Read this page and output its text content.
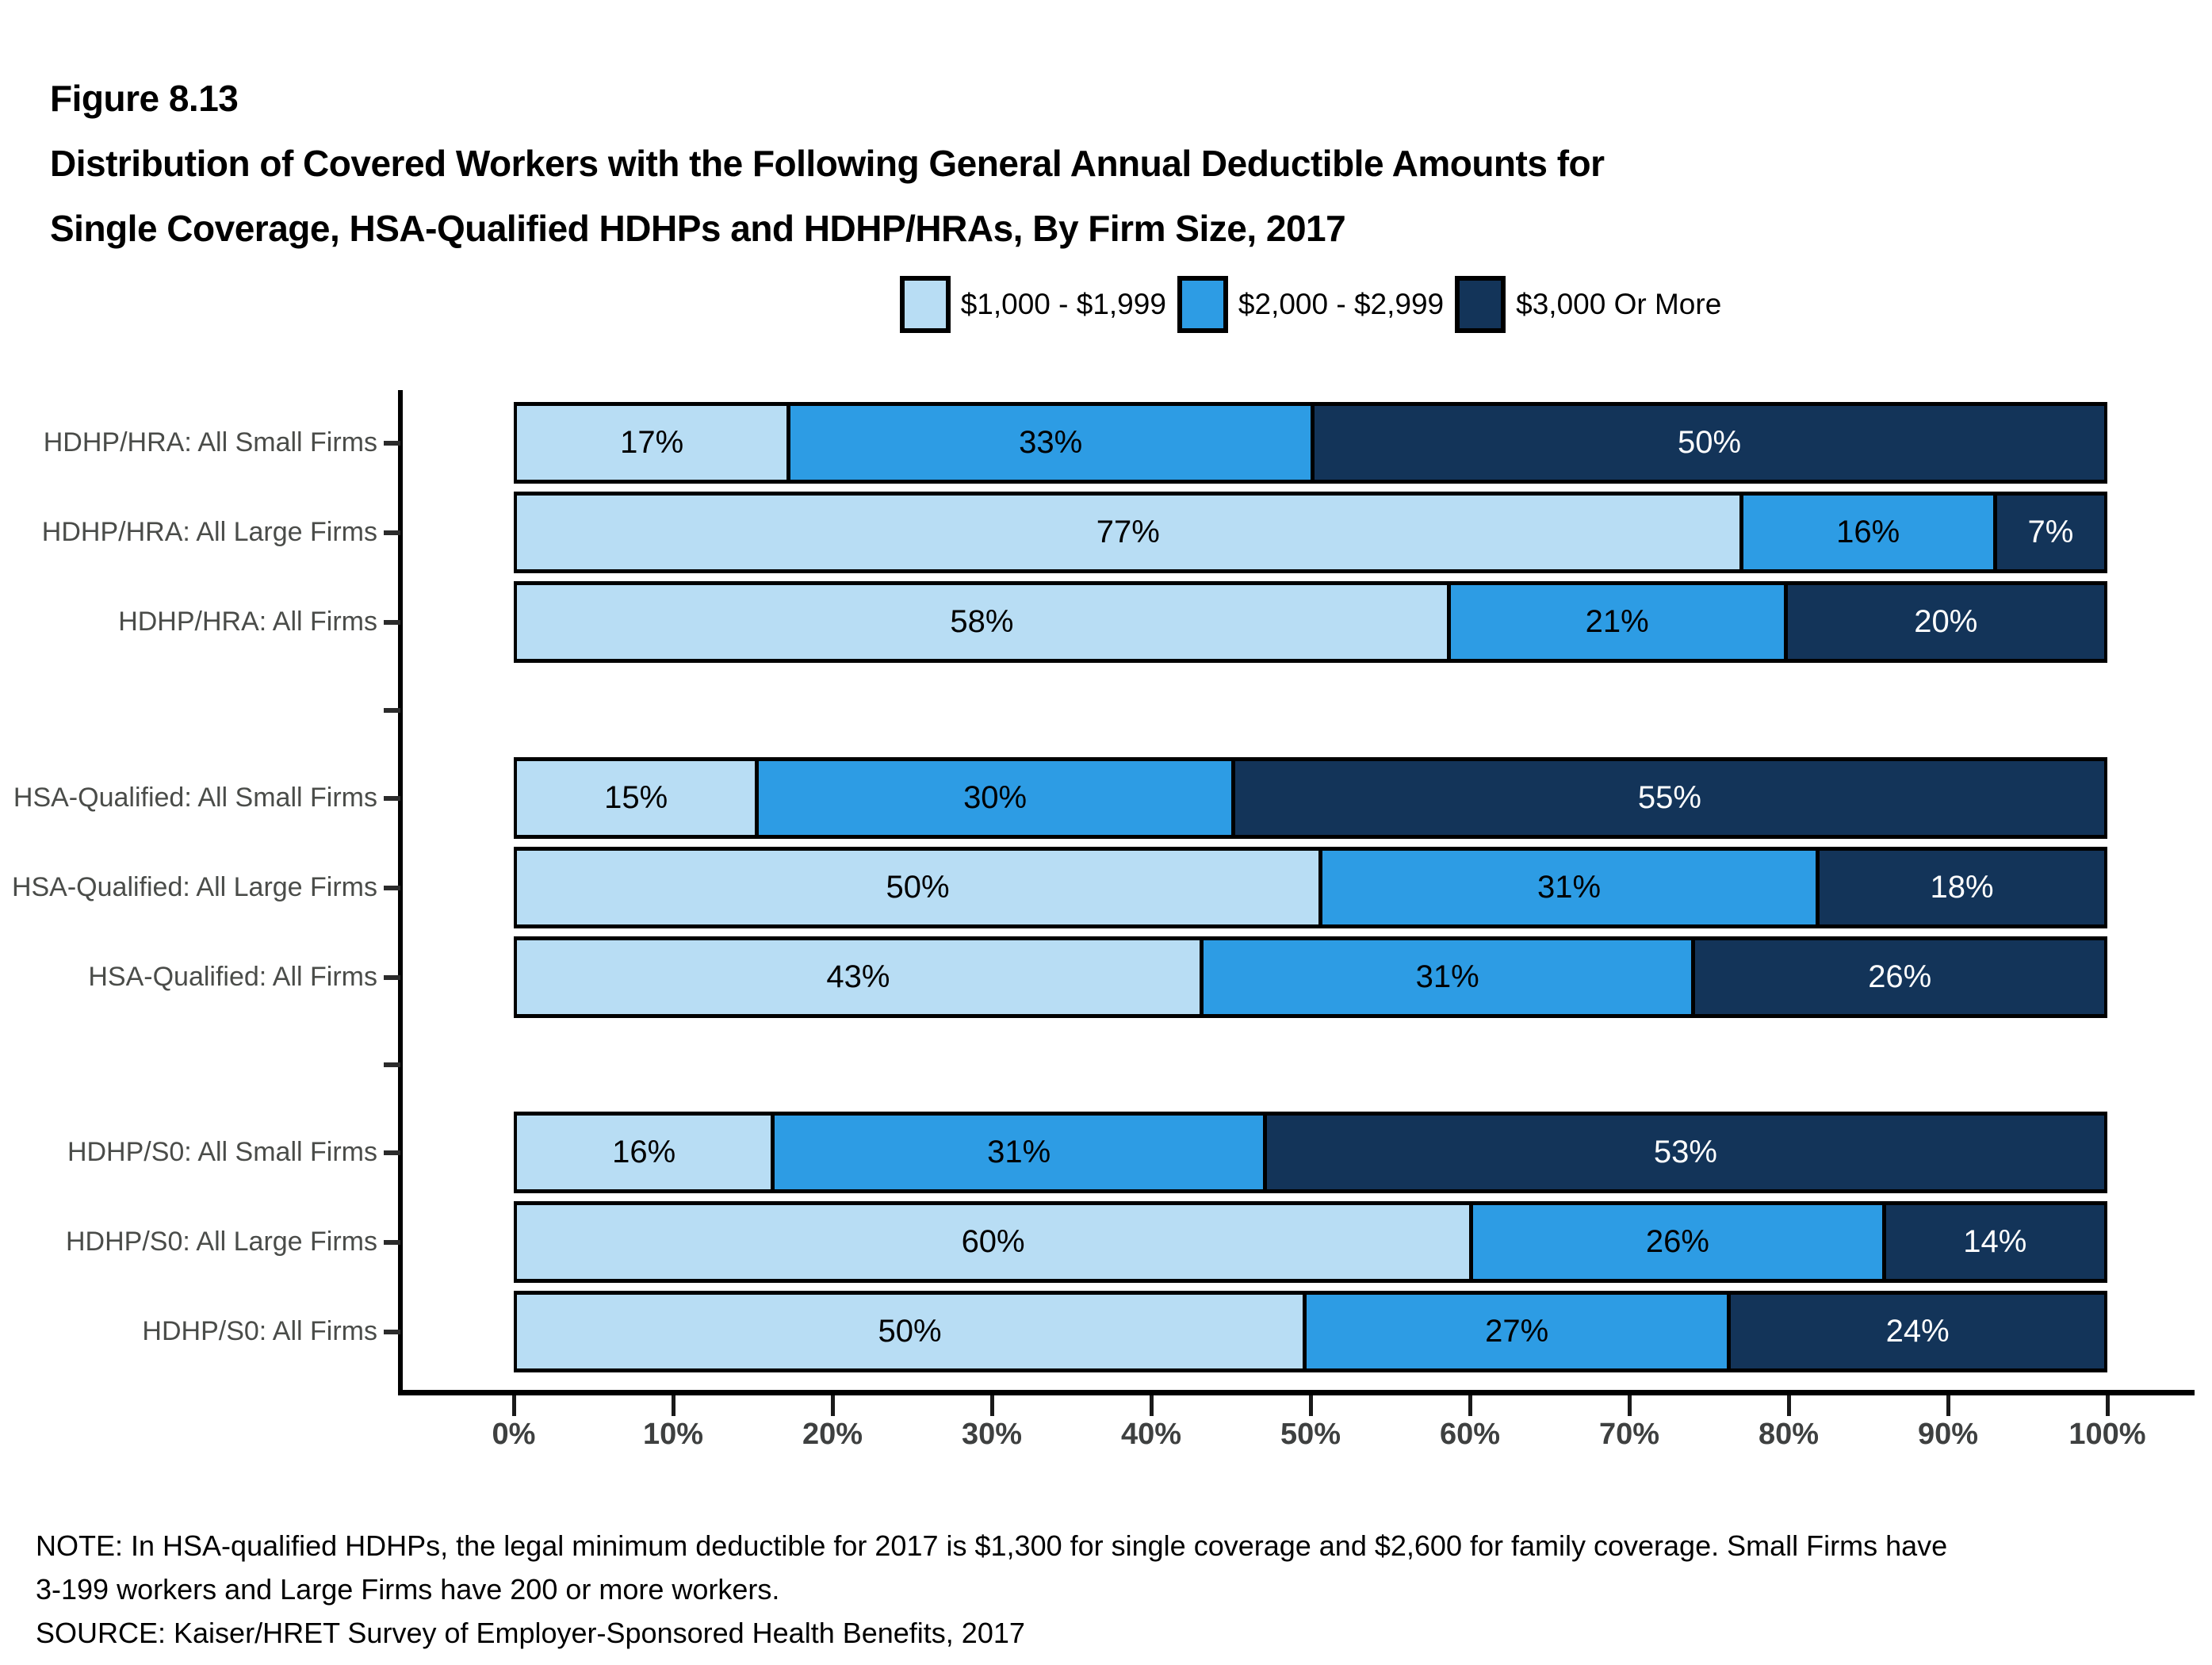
Figure 8.13
Distribution of Covered Workers with the Following General Annual Deductible Amounts for
Single Coverage, HSA-Qualified HDHPs and HDHP/HRAs, By Firm Size, 2017
$1,000 - $1,999 $2,000 - $2,999 $3,000 Or More
HDHP/HRA: All Small Firms	17%	33%	50%
HDHP/HRA: All Large Firms	77%	16%	7%
HDHP/HRA: All Firms	58%	21%	20%
HSA-Qualified: All Small Firms	15%	30%	55%
HSA-Qualified: All Large Firms	50%	31%	18%
HSA-Qualified: All Firms	43%	31%	26%
HDHP/S0: All Small Firms	16%	31%	53%
HDHP/S0: All Large Firms	60%	26%	14%
HDHP/S0: All Firms	50%	27%	24%
0%	10%	20%	30%	40%	50%	60%	70%	80%	90%	100%
NOTE: In HSA-qualified HDHPs, the legal minimum deductible for 2017 is $1,300 for single coverage and $2,600 for family coverage. Small Firms have
3-199 workers and Large Firms have 200 or more workers.
SOURCE: Kaiser/HRET Survey of Employer-Sponsored Health Benefits, 2017
